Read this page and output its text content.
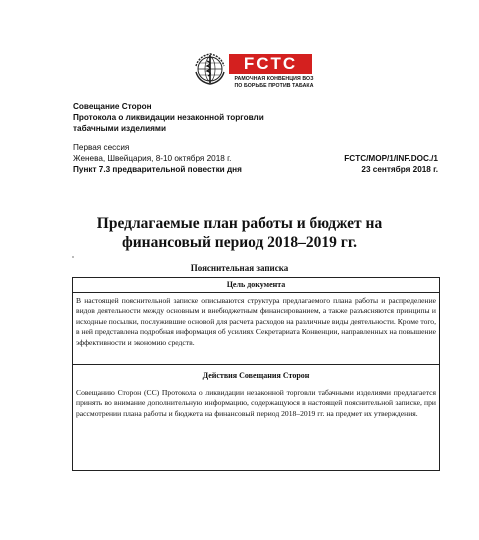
FCTC
РАМОЧНАЯ КОНВЕНЦИЯ ВОЗ
ПО БОРЬБЕ ПРОТИВ ТАБАКА
Совещание Сторон
Протокола о ликвидации незаконной торговли
табачными изделиями
Первая сессия
Женева, Швейцария, 8-10 октября 2018 г.
Пункт 7.3 предварительной повестки дня
FCTC/MOP/1/INF.DOC./1
23 сентября 2018 г.
Предлагаемые план работы и бюджет на
финансовый период 2018–2019 гг.
Пояснительная записка
Цель документа
В настоящей пояснительной записке описываются структура предлагаемого плана работы и распределение видов деятельности между основным и внебюджетным финансированием, а также разъясняются принципы и исходные посылки, послужившие основой для расчета расходов на различные виды деятельности. Кроме того, в ней представлена подробная информация об усилиях Секретариата Конвенции, направленных на повышение эффективности и экономию средств.
Действия Совещания Сторон
Совещанию Сторон (СС) Протокола о ликвидации незаконной торговли табачными изделиями предлагается принять во внимание дополнительную информацию, содержащуюся в настоящей пояснительной записке, при рассмотрении плана работы и бюджета на финансовый период 2018–2019 гг. на предмет их утверждения.
